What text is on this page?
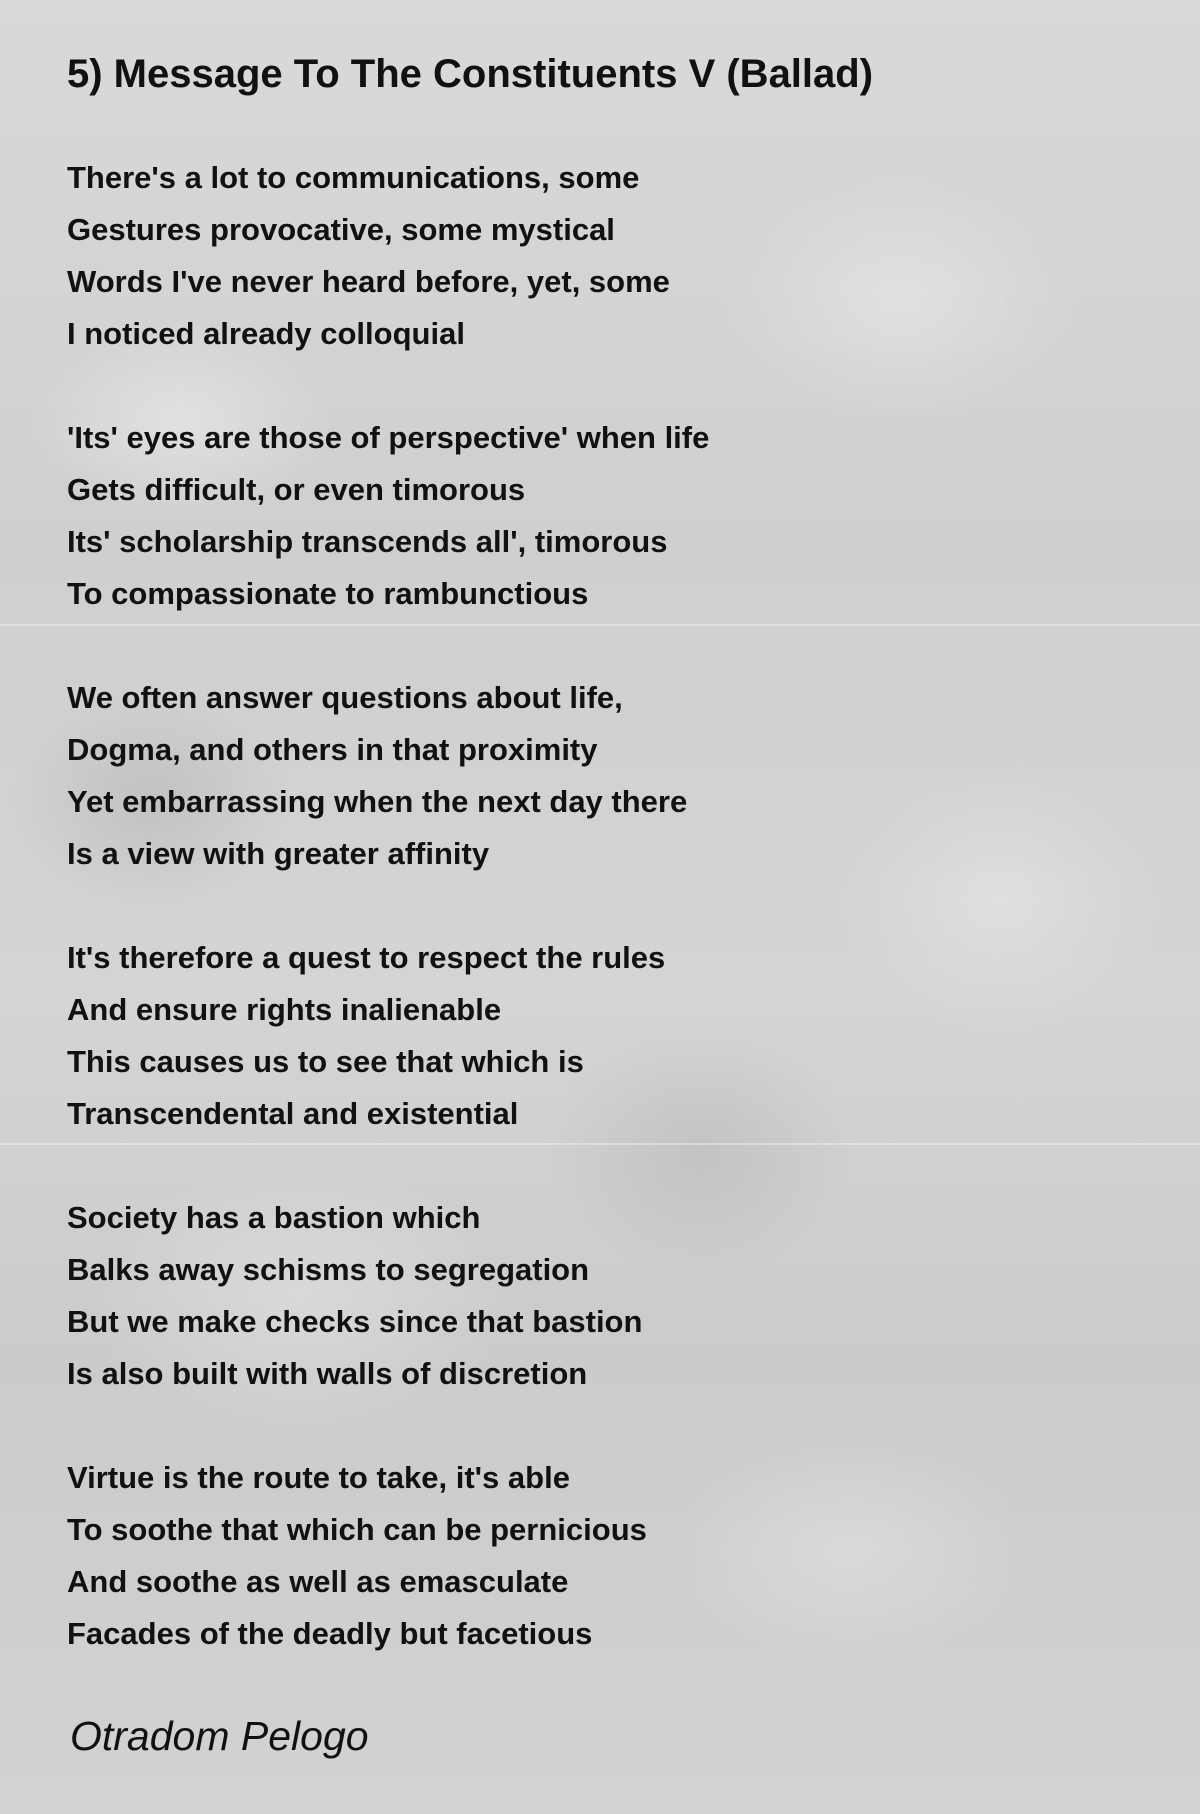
5) Message To The Constituents V (Ballad)
There's a lot to communications, some
Gestures provocative, some mystical
Words I've never heard before, yet, some
I noticed already colloquial
'Its' eyes are those of perspective' when life
Gets difficult, or even timorous
Its' scholarship transcends all', timorous
To compassionate to rambunctious
We often answer questions about life,
Dogma, and others in that proximity
Yet embarrassing when the next day there
Is a view with greater affinity
It's therefore a quest to respect the rules
And ensure rights inalienable
This causes us to see that which is
Transcendental and existential
Society has a bastion which
Balks away schisms to segregation
But we make checks since that bastion
Is also built with walls of discretion
Virtue is the route to take, it's able
To soothe that which can be pernicious
And soothe as well as emasculate
Facades of the deadly but facetious

Otradom Pelogo
